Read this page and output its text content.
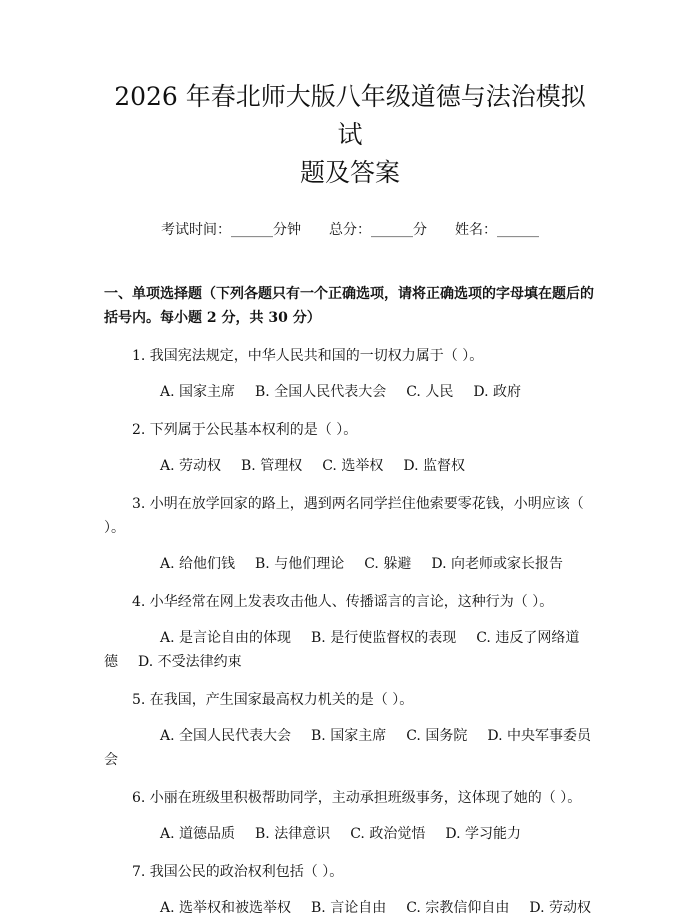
2026 年春北师大版八年级道德与法治模拟试
题及答案
考试时间：______分钟 总分：______分 姓名：______
一、单项选择题（下列各题只有一个正确选项，请将正确选项的字母填在题后的括号内。每小题 2 分，共 30 分）
1. 我国宪法规定，中华人民共和国的一切权力属于（ ）。
A. 国家主席 B. 全国人民代表大会 C. 人民 D. 政府
2. 下列属于公民基本权利的是（ ）。
A. 劳动权 B. 管理权 C. 选举权 D. 监督权
3. 小明在放学回家的路上，遇到两名同学拦住他索要零花钱，小明应该（ ）。
A. 给他们钱 B. 与他们理论 C. 躲避 D. 向老师或家长报告
4. 小华经常在网上发表攻击他人、传播谣言的言论，这种行为（ ）。
A. 是言论自由的体现 B. 是行使监督权的表现 C. 违反了网络道德 D. 不受法律约束
5. 在我国，产生国家最高权力机关的是（ ）。
A. 全国人民代表大会 B. 国家主席 C. 国务院 D. 中央军事委员会
6. 小丽在班级里积极帮助同学，主动承担班级事务，这体现了她的（ ）。
A. 道德品质 B. 法律意识 C. 政治觉悟 D. 学习能力
7. 我国公民的政治权利包括（ ）。
A. 选举权和被选举权 B. 言论自由 C. 宗教信仰自由 D. 劳动权
